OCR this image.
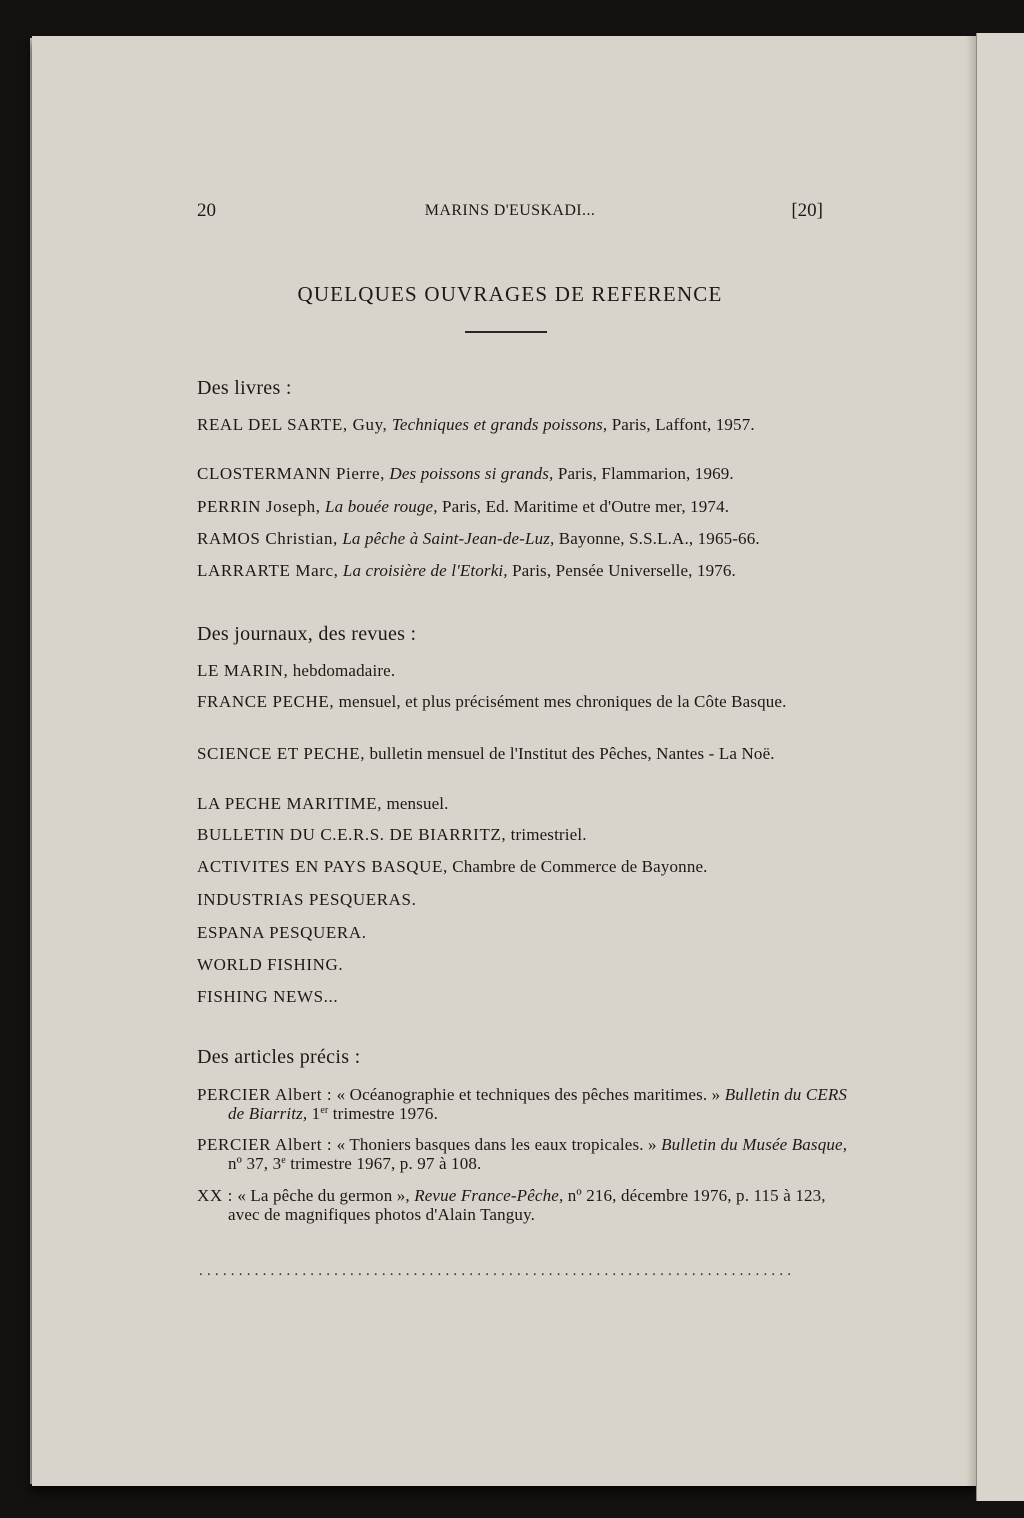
20	MARINS D'EUSKADI...	[20]
QUELQUES OUVRAGES DE REFERENCE
Des livres :
REAL DEL SARTE, Guy, Techniques et grands poissons, Paris, Laffont, 1957.
CLOSTERMANN Pierre, Des poissons si grands, Paris, Flammarion, 1969.
PERRIN Joseph, La bouée rouge, Paris, Ed. Maritime et d'Outre mer, 1974.
RAMOS Christian, La pêche à Saint-Jean-de-Luz, Bayonne, S.S.L.A., 1965-66.
LARRARTE Marc, La croisière de l'Etorki, Paris, Pensée Universelle, 1976.
Des journaux, des revues :
LE MARIN, hebdomadaire.
FRANCE PECHE, mensuel, et plus précisément mes chroniques de la Côte Basque.
SCIENCE ET PECHE, bulletin mensuel de l'Institut des Pêches, Nantes - La Noë.
LA PECHE MARITIME, mensuel.
BULLETIN DU C.E.R.S. DE BIARRITZ, trimestriel.
ACTIVITES EN PAYS BASQUE, Chambre de Commerce de Bayonne.
INDUSTRIAS PESQUERAS.
ESPANA PESQUERA.
WORLD FISHING.
FISHING NEWS...
Des articles précis :
PERCIER Albert : « Océanographie et techniques des pêches maritimes. » Bulletin du CERS de Biarritz, 1er trimestre 1976.
PERCIER Albert : « Thoniers basques dans les eaux tropicales. » Bulletin du Musée Basque, nº 37, 3e trimestre 1967, p. 97 à 108.
XX : « La pêche du germon », Revue France-Pêche, nº 216, décembre 1976, p. 115 à 123, avec de magnifiques photos d'Alain Tanguy.
...........................................................................
